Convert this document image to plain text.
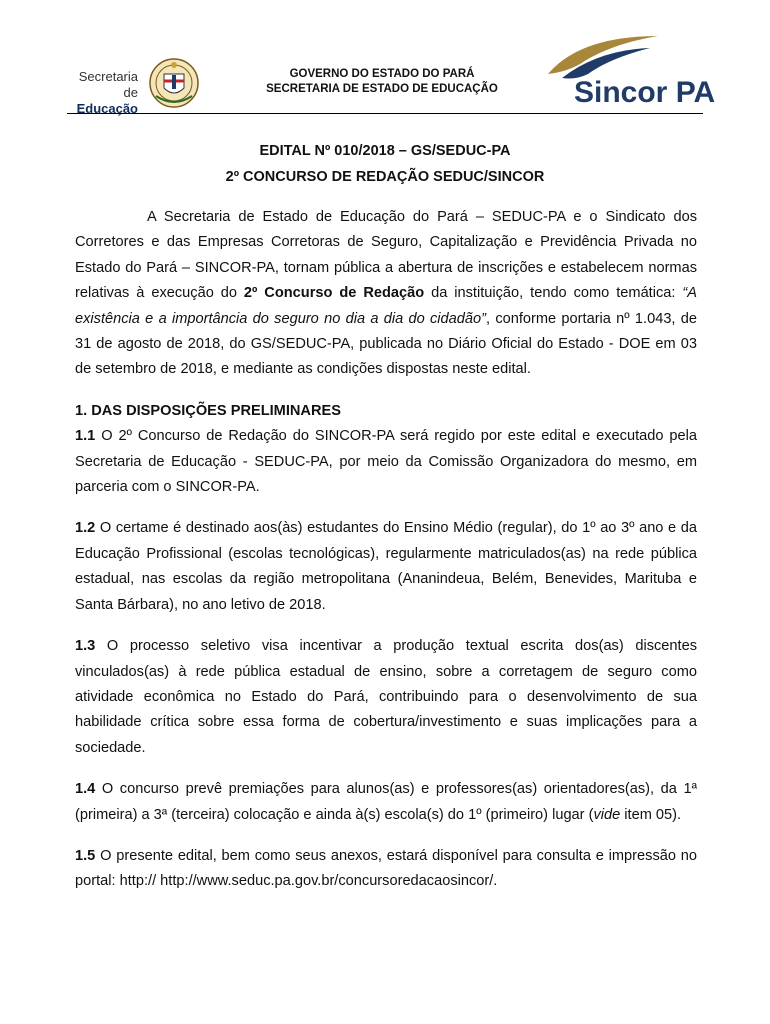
Secretaria de
Educação
GOVERNO DO ESTADO DO PARÁ
SECRETARIA DE ESTADO DE EDUCAÇÃO	Sincor PA
EDITAL Nº 010/2018 – GS/SEDUC-PA
2º CONCURSO DE REDAÇÃO SEDUC/SINCOR

A Secretaria de Estado de Educação do Pará – SEDUC-PA e o Sindicato dos Corretores e das Empresas Corretoras de Seguro, Capitalização e Previdência Privada no Estado do Pará – SINCOR-PA, tornam pública a abertura de inscrições e estabelecem normas relativas à execução do 2º Concurso de Redação da instituição, tendo como temática: “A existência e a importância do seguro no dia a dia do cidadão”, conforme portaria nº 1.043, de 31 de agosto de 2018, do GS/SEDUC-PA, publicada no Diário Oficial do Estado - DOE em 03 de setembro de 2018, e mediante as condições dispostas neste edital.

1. DAS DISPOSIÇÕES PRELIMINARES

1.1 O 2º Concurso de Redação do SINCOR-PA será regido por este edital e executado pela Secretaria de Educação - SEDUC-PA, por meio da Comissão Organizadora do mesmo, em parceria com o SINCOR-PA.

1.2 O certame é destinado aos(às) estudantes do Ensino Médio (regular), do 1º ao 3º ano e da Educação Profissional (escolas tecnológicas), regularmente matriculados(as) na rede pública estadual, nas escolas da região metropolitana (Ananindeua, Belém, Benevides, Marituba e Santa Bárbara), no ano letivo de 2018.

1.3 O processo seletivo visa incentivar a produção textual escrita dos(as) discentes vinculados(as) à rede pública estadual de ensino, sobre a corretagem de seguro como atividade econômica no Estado do Pará, contribuindo para o desenvolvimento de sua habilidade crítica sobre essa forma de cobertura/investimento e suas implicações para a sociedade.

1.4 O concurso prevê premiações para alunos(as) e professores(as) orientadores(as), da 1ª (primeira) a 3ª (terceira) colocação e ainda à(s) escola(s) do 1º (primeiro) lugar (vide item 05).

1.5 O presente edital, bem como seus anexos, estará disponível para consulta e impressão no portal: http:// http://www.seduc.pa.gov.br/concursoredacaosincor/.
